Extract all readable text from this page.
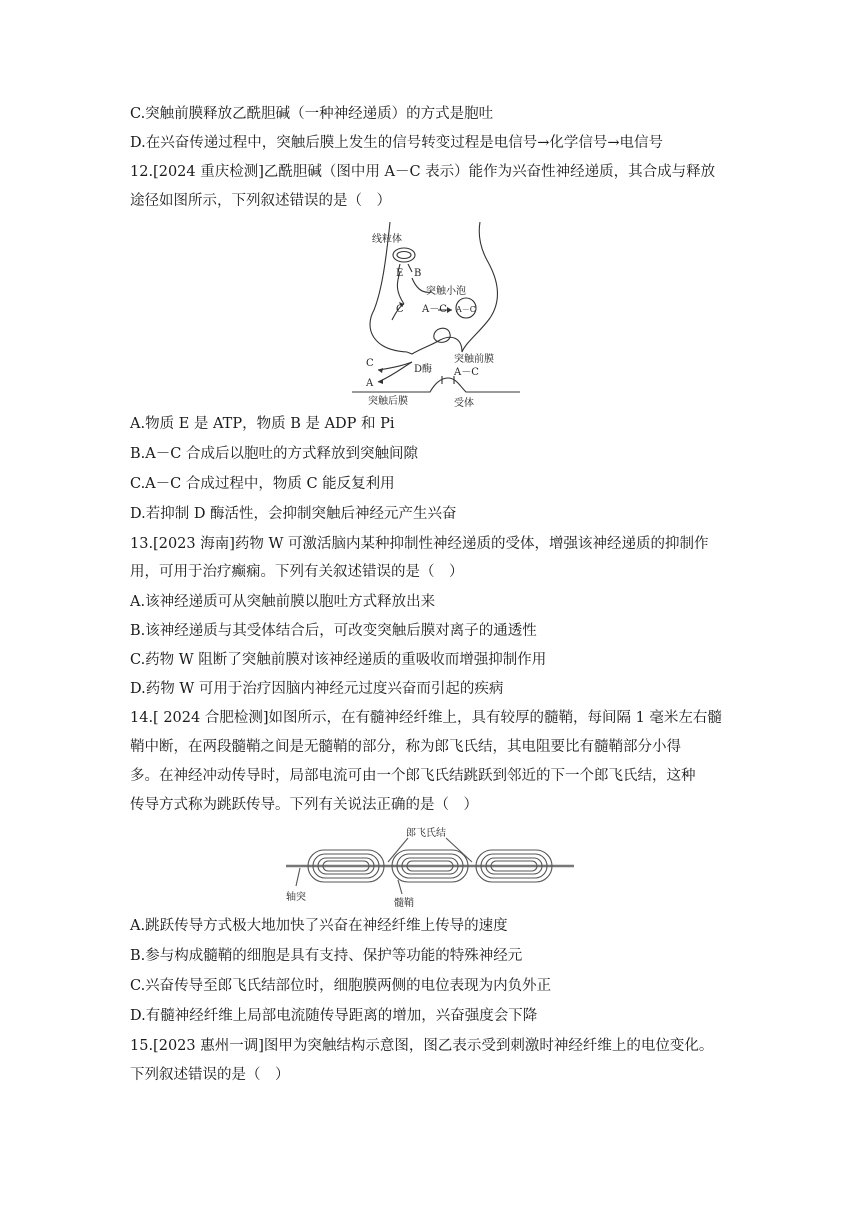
C.突触前膜释放乙酰胆碱（一种神经递质）的方式是胞吐
D.在兴奋传递过程中，突触后膜上发生的信号转变过程是电信号→化学信号→电信号
12.[2024 重庆检测]乙酰胆碱（图中用 A－C 表示）能作为兴奋性神经递质，其合成与释放
途径如图所示，下列叙述错误的是（　）
线粒体
E B
突触小泡
C A－C A－C
突触前膜
C
D酶 A－C
A
突触后膜	受体
A.物质 E 是 ATP，物质 B 是 ADP 和 Pi
B.A－C 合成后以胞吐的方式释放到突触间隙
C.A－C 合成过程中，物质 C 能反复利用
D.若抑制 D 酶活性，会抑制突触后神经元产生兴奋
13.[2023 海南]药物 W 可激活脑内某种抑制性神经递质的受体，增强该神经递质的抑制作
用，可用于治疗癫痫。下列有关叙述错误的是（　）
A.该神经递质可从突触前膜以胞吐方式释放出来
B.该神经递质与其受体结合后，可改变突触后膜对离子的通透性
C.药物 W 阻断了突触前膜对该神经递质的重吸收而增强抑制作用
D.药物 W 可用于治疗因脑内神经元过度兴奋而引起的疾病
14.[ 2024 合肥检测]如图所示，在有髓神经纤维上，具有较厚的髓鞘，每间隔 1 毫米左右髓
鞘中断，在两段髓鞘之间是无髓鞘的部分，称为郎飞氏结，其电阻要比有髓鞘部分小得
多。在神经冲动传导时，局部电流可由一个郎飞氏结跳跃到邻近的下一个郎飞氏结，这种
传导方式称为跳跃传导。下列有关说法正确的是（　）
郎飞氏结
轴突
髓鞘
A.跳跃传导方式极大地加快了兴奋在神经纤维上传导的速度
B.参与构成髓鞘的细胞是具有支持、保护等功能的特殊神经元
C.兴奋传导至郎飞氏结部位时，细胞膜两侧的电位表现为内负外正
D.有髓神经纤维上局部电流随传导距离的增加，兴奋强度会下降
15.[2023 惠州一调]图甲为突触结构示意图，图乙表示受到刺激时神经纤维上的电位变化。
下列叙述错误的是（　）
